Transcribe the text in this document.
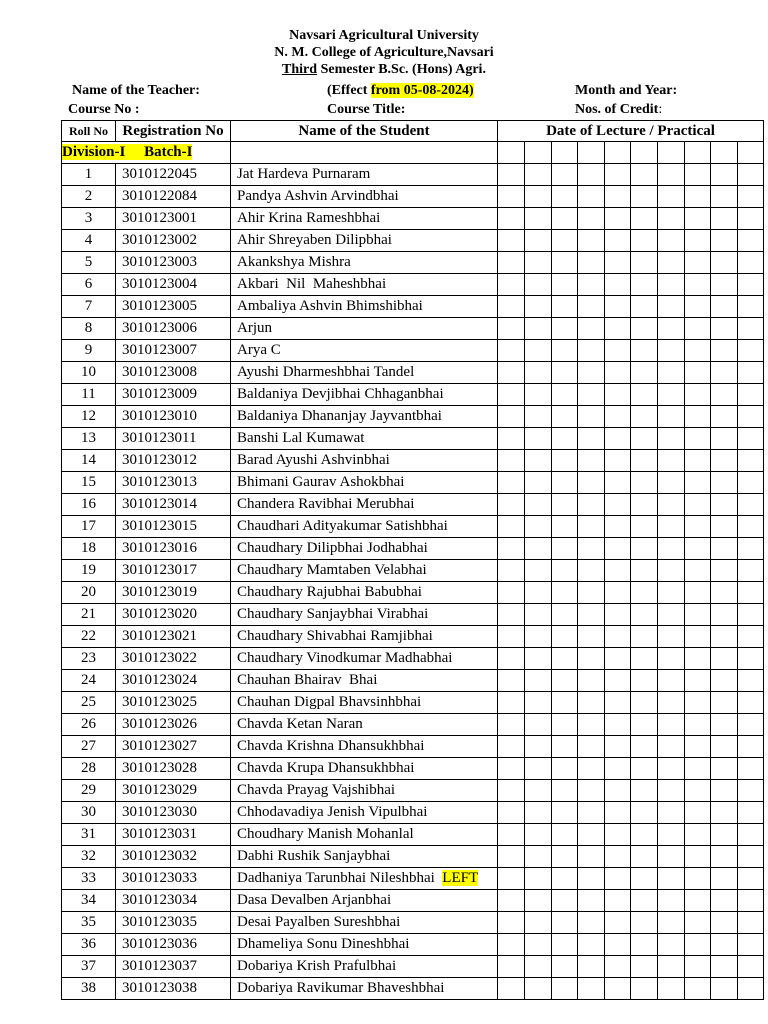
Navsari Agricultural University
N. M. College of Agriculture,Navsari
Third Semester B.Sc. (Hons) Agri.
Name of the Teacher:	(Effect from 05-08-2024)	Month and Year:
Course No :	Course Title:	Nos. of Credit:
Roll No	Registration No	Name of the Student	Date of Lecture / Practical									
Division-I     Batch-I												
1	3010122045	Jat Hardeva Purnaram										
2	3010122084	Pandya Ashvin Arvindbhai										
3	3010123001	Ahir Krina Rameshbhai										
4	3010123002	Ahir Shreyaben Dilipbhai										
5	3010123003	Akankshya Mishra										
6	3010123004	Akbari  Nil  Maheshbhai										
7	3010123005	Ambaliya Ashvin Bhimshibhai										
8	3010123006	Arjun										
9	3010123007	Arya C										
10	3010123008	Ayushi Dharmeshbhai Tandel										
11	3010123009	Baldaniya Devjibhai Chhaganbhai										
12	3010123010	Baldaniya Dhananjay Jayvantbhai										
13	3010123011	Banshi Lal Kumawat										
14	3010123012	Barad Ayushi Ashvinbhai										
15	3010123013	Bhimani Gaurav Ashokbhai										
16	3010123014	Chandera Ravibhai Merubhai										
17	3010123015	Chaudhari Adityakumar Satishbhai										
18	3010123016	Chaudhary Dilipbhai Jodhabhai										
19	3010123017	Chaudhary Mamtaben Velabhai										
20	3010123019	Chaudhary Rajubhai Babubhai										
21	3010123020	Chaudhary Sanjaybhai Virabhai										
22	3010123021	Chaudhary Shivabhai Ramjibhai										
23	3010123022	Chaudhary Vinodkumar Madhabhai										
24	3010123024	Chauhan Bhairav  Bhai										
25	3010123025	Chauhan Digpal Bhavsinhbhai										
26	3010123026	Chavda Ketan Naran										
27	3010123027	Chavda Krishna Dhansukhbhai										
28	3010123028	Chavda Krupa Dhansukhbhai										
29	3010123029	Chavda Prayag Vajshibhai										
30	3010123030	Chhodavadiya Jenish Vipulbhai										
31	3010123031	Choudhary Manish Mohanlal										
32	3010123032	Dabhi Rushik Sanjaybhai										
33	3010123033	Dadhaniya Tarunbhai Nileshbhai LEFT										
34	3010123034	Dasa Devalben Arjanbhai										
35	3010123035	Desai Payalben Sureshbhai										
36	3010123036	Dhameliya Sonu Dineshbhai										
37	3010123037	Dobariya Krish Prafulbhai										
38	3010123038	Dobariya Ravikumar Bhaveshbhai										
